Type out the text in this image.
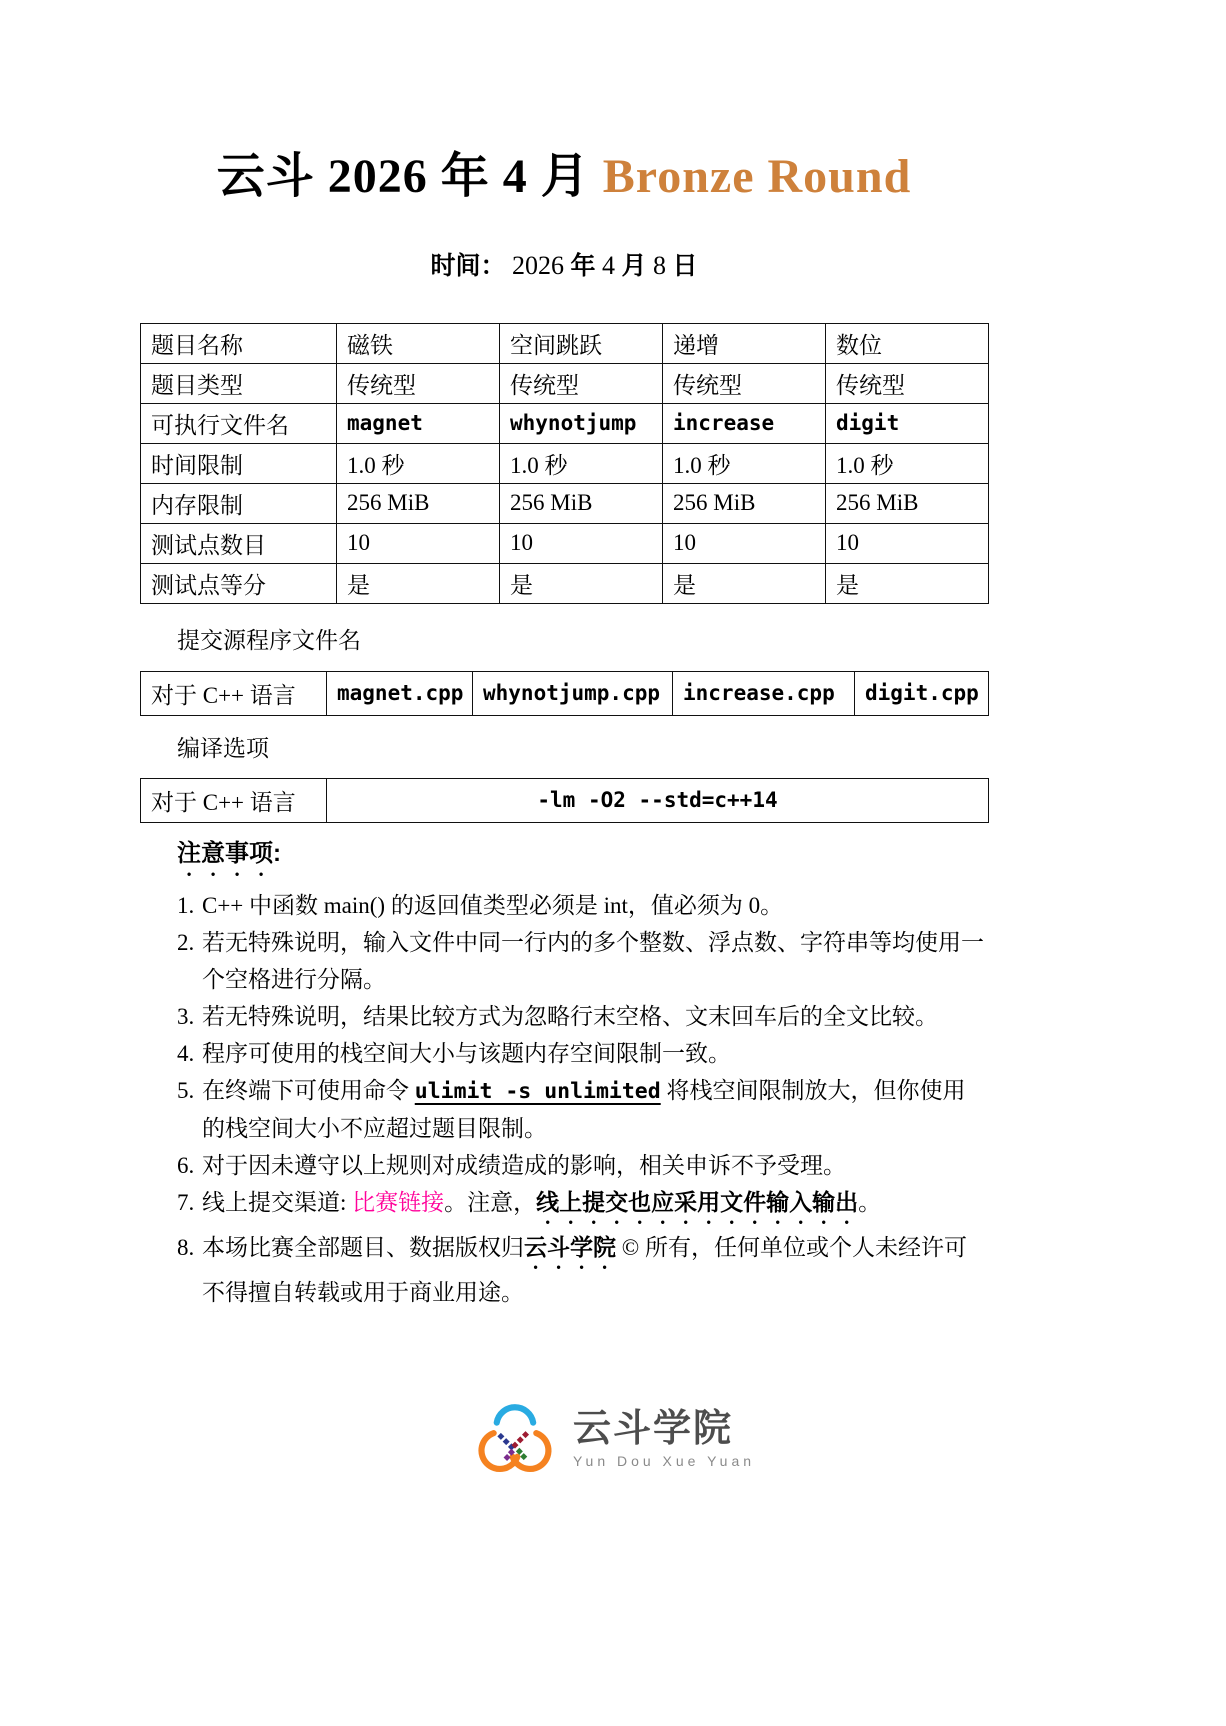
云斗 2026 年 4 月 Bronze Round
时间： 2026 年 4 月 8 日
题目名称	磁铁	空间跳跃	递增	数位
题目类型	传统型	传统型	传统型	传统型
可执行文件名	magnet	whynotjump	increase	digit
时间限制	1.0 秒	1.0 秒	1.0 秒	1.0 秒
内存限制	256 MiB	256 MiB	256 MiB	256 MiB
测试点数目	10	10	10	10
测试点等分	是	是	是	是
提交源程序文件名
对于 C++ 语言	magnet.cpp	whynotjump.cpp	increase.cpp	digit.cpp
编译选项
对于 C++ 语言	-lm -O2 --std=c++14
注意事项:
1. C++ 中函数 main() 的返回值类型必须是 int，值必须为 0。
2. 若无特殊说明，输入文件中同一行内的多个整数、浮点数、字符串等均使用一个空格进行分隔。
3. 若无特殊说明，结果比较方式为忽略行末空格、文末回车后的全文比较。
4. 程序可使用的栈空间大小与该题内存空间限制一致。
5. 在终端下可使用命令 ulimit -s unlimited 将栈空间限制放大，但你使用的栈空间大小不应超过题目限制。
6. 对于因未遵守以上规则对成绩造成的影响，相关申诉不予受理。
7. 线上提交渠道: 比赛链接。注意，线上提交也应采用文件输入输出。
8. 本场比赛全部题目、数据版权归云斗学院 © 所有，任何单位或个人未经许可不得擅自转载或用于商业用途。
云斗学院
Yun Dou Xue Yuan
